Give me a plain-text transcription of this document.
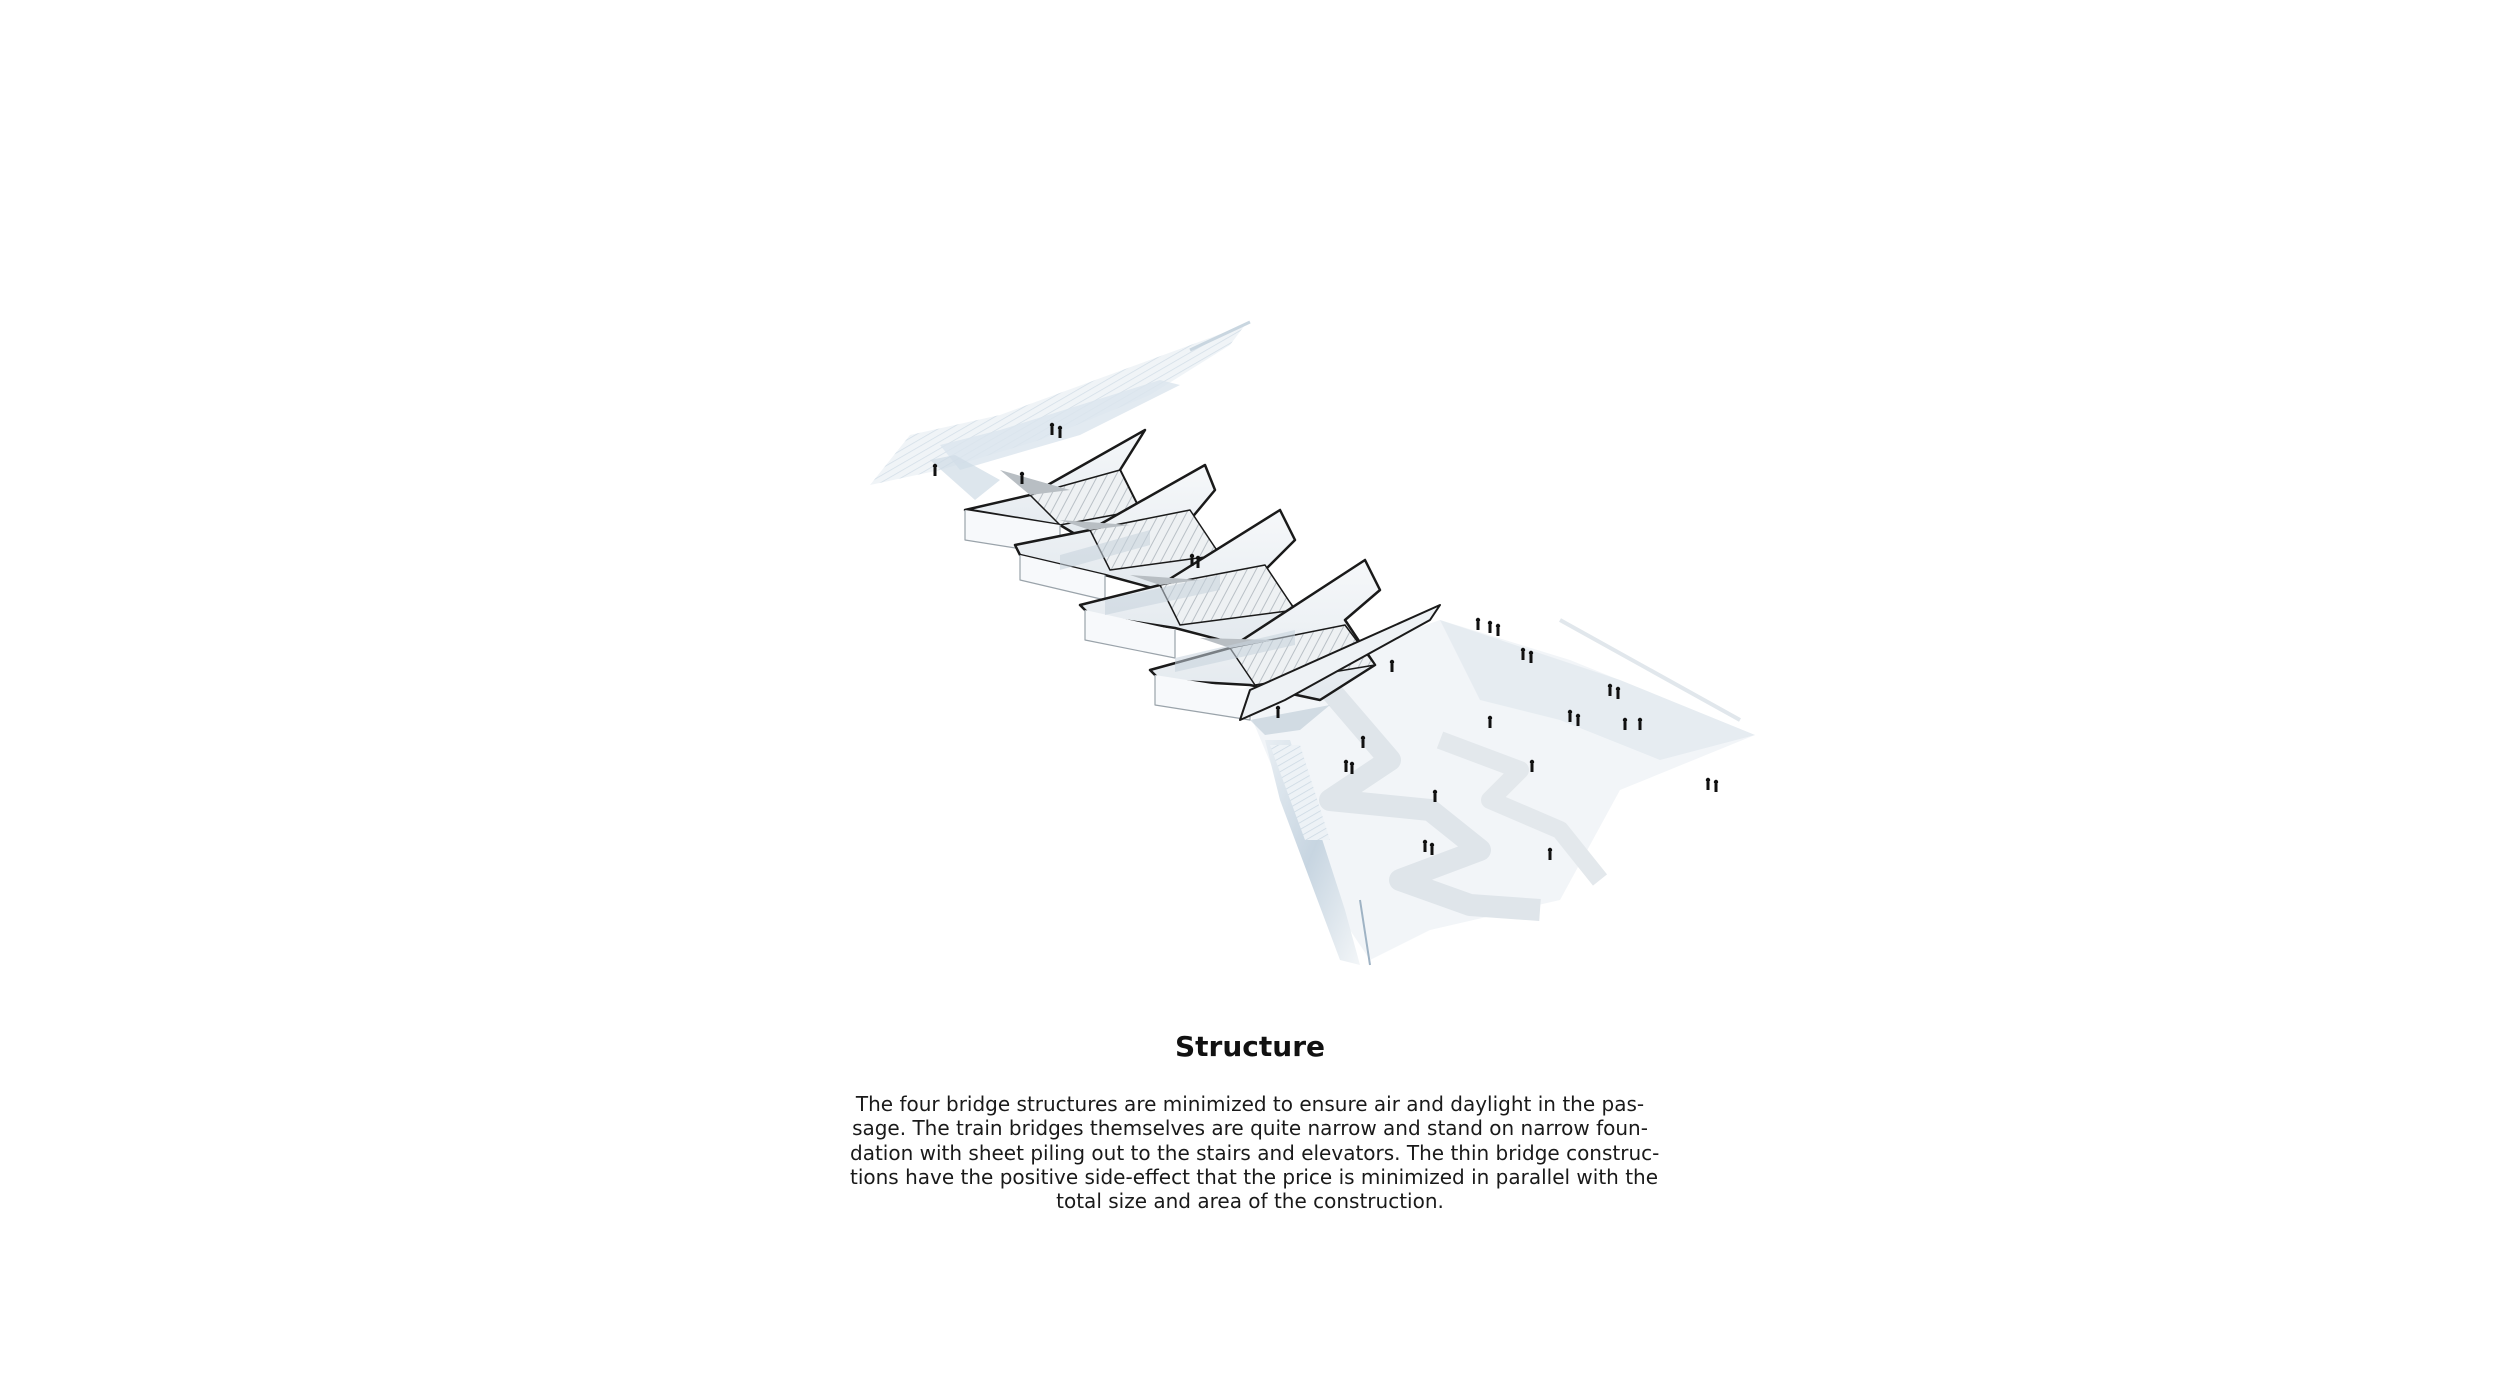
Structure
The four bridge structures are minimized to ensure air and daylight in the pas-
sage. The train bridges themselves are quite narrow and stand on narrow foun-
dation with sheet piling out to the stairs and elevators. The thin bridge construc-
tions have the positive side-effect that the price is minimized in parallel with the
total size and area of the construction.
